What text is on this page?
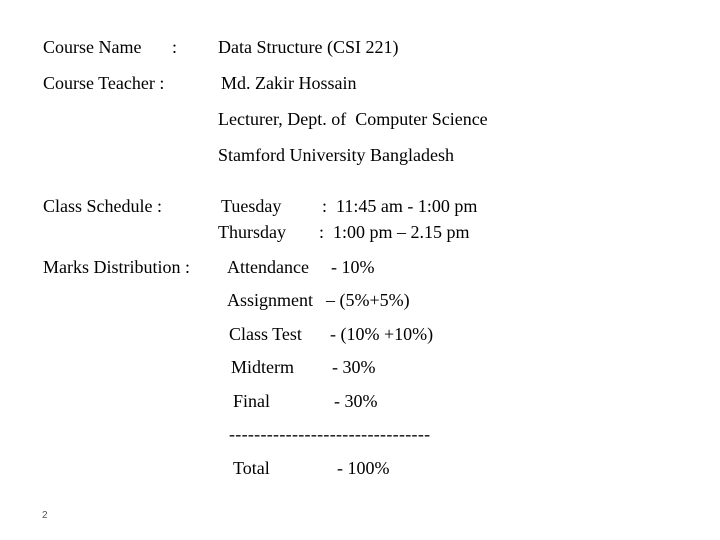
Course Name : Data Structure (CSI 221)
Course Teacher :	Md. Zakir Hossain
Lecturer, Dept. of  Computer Science
Stamford University Bangladesh
Class Schedule :	Tuesday :  11:45 am - 1:00 pm
Thursday :  1:00 pm – 2.15 pm
Marks Distribution : Attendance - 10%
Assignment – (5%+5%)
Class Test - (10% +10%)
Midterm - 30%
Final	- 30%
--------------------------------
Total	- 100%
2
